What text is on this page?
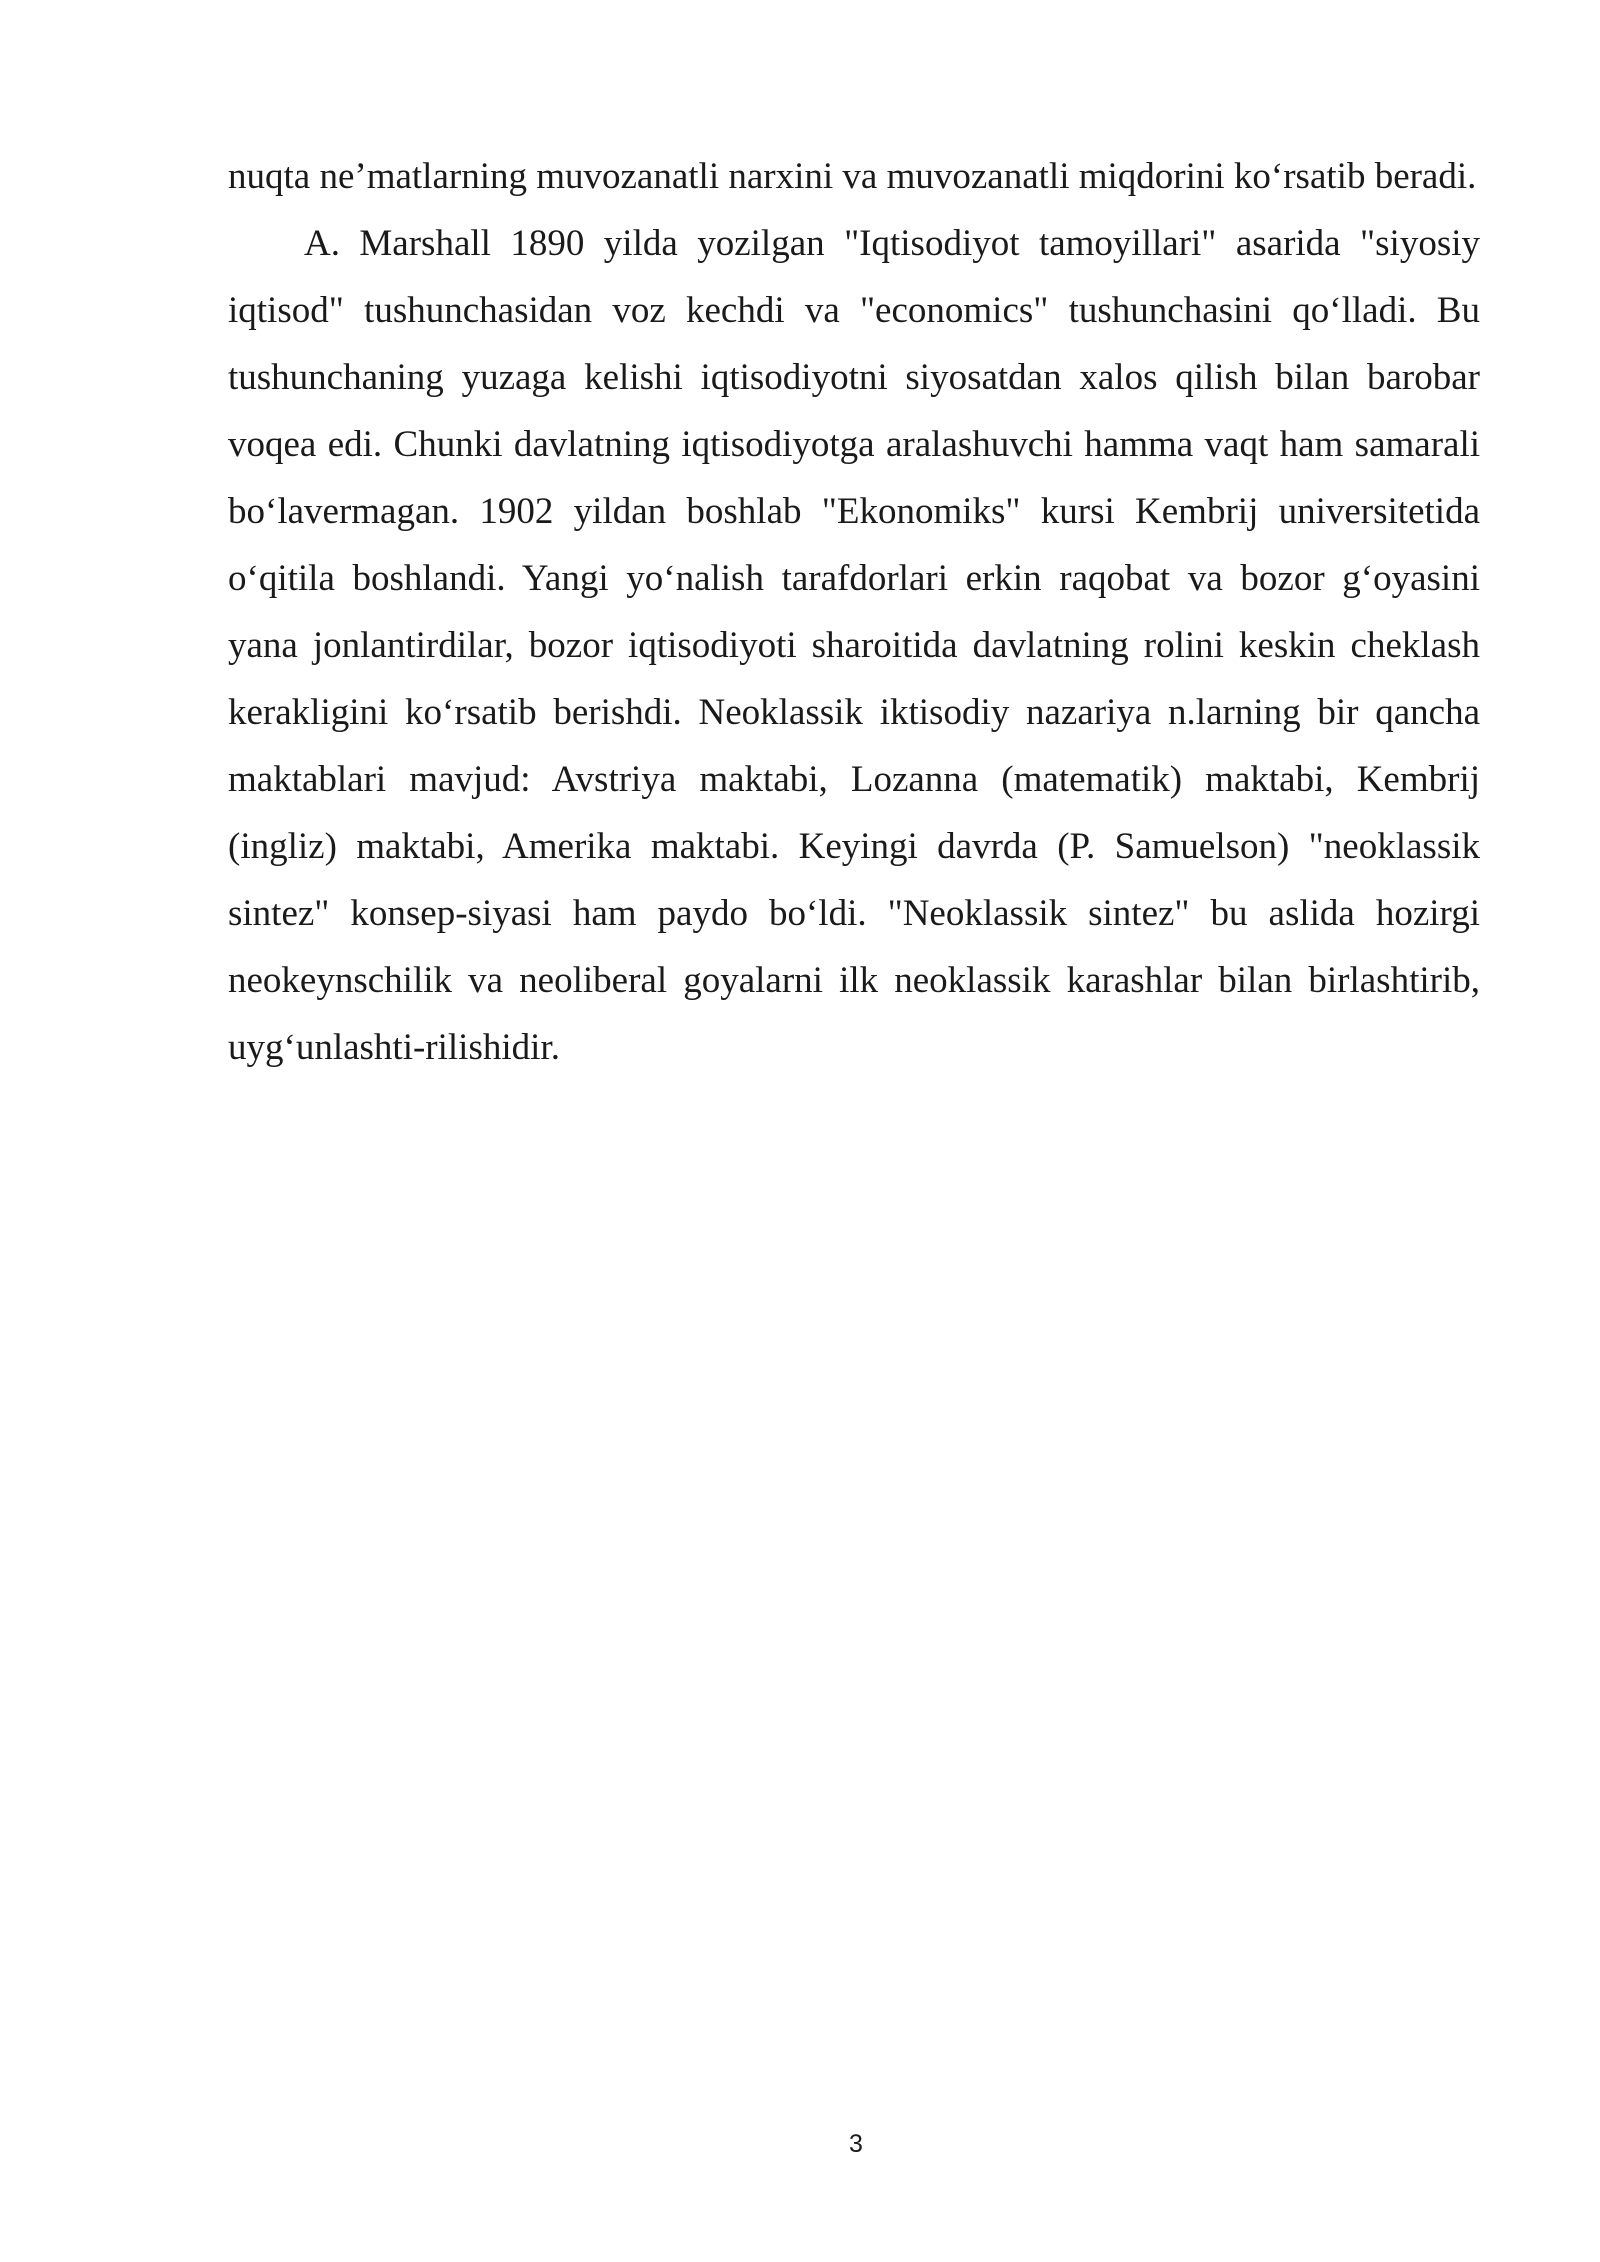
nuqta ne’matlarning muvozanatli narxini va muvozanatli miqdorini ko‘rsatib beradi.

A. Marshall 1890 yilda yozilgan "Iqtisodiyot tamoyillari" asarida "siyosiy iqtisod" tushunchasidan voz kechdi va "economics" tushunchasini qo‘lladi. Bu tushunchaning yuzaga kelishi iqtisodiyotni siyosatdan xalos qilish bilan barobar voqea edi. Chunki davlatning iqtisodiyotga aralashuvchi hamma vaqt ham samarali bo‘lavermagan. 1902 yildan boshlab "Ekonomiks" kursi Kembrij universitetida o‘qitila boshlandi. Yangi yo‘nalish tarafdorlari erkin raqobat va bozor g‘oyasini yana jonlantirdilar, bozor iqtisodiyoti sharoitida davlatning rolini keskin cheklash kerakligini ko‘rsatib berishdi. Neoklassik iktisodiy nazariya n.larning bir qancha maktablari mavjud: Avstriya maktabi, Lozanna (matematik) maktabi, Kembrij (ingliz) maktabi, Amerika maktabi. Keyingi davrda (P. Samuelson) "neoklassik sintez" konsep-siyasi ham paydo bo‘ldi. "Neoklassik sintez" bu aslida hozirgi neokeynschilik va neoliberal goyalarni ilk neoklassik karashlar bilan birlashtirib, uyg‘unlashti-rilishidir.

3
